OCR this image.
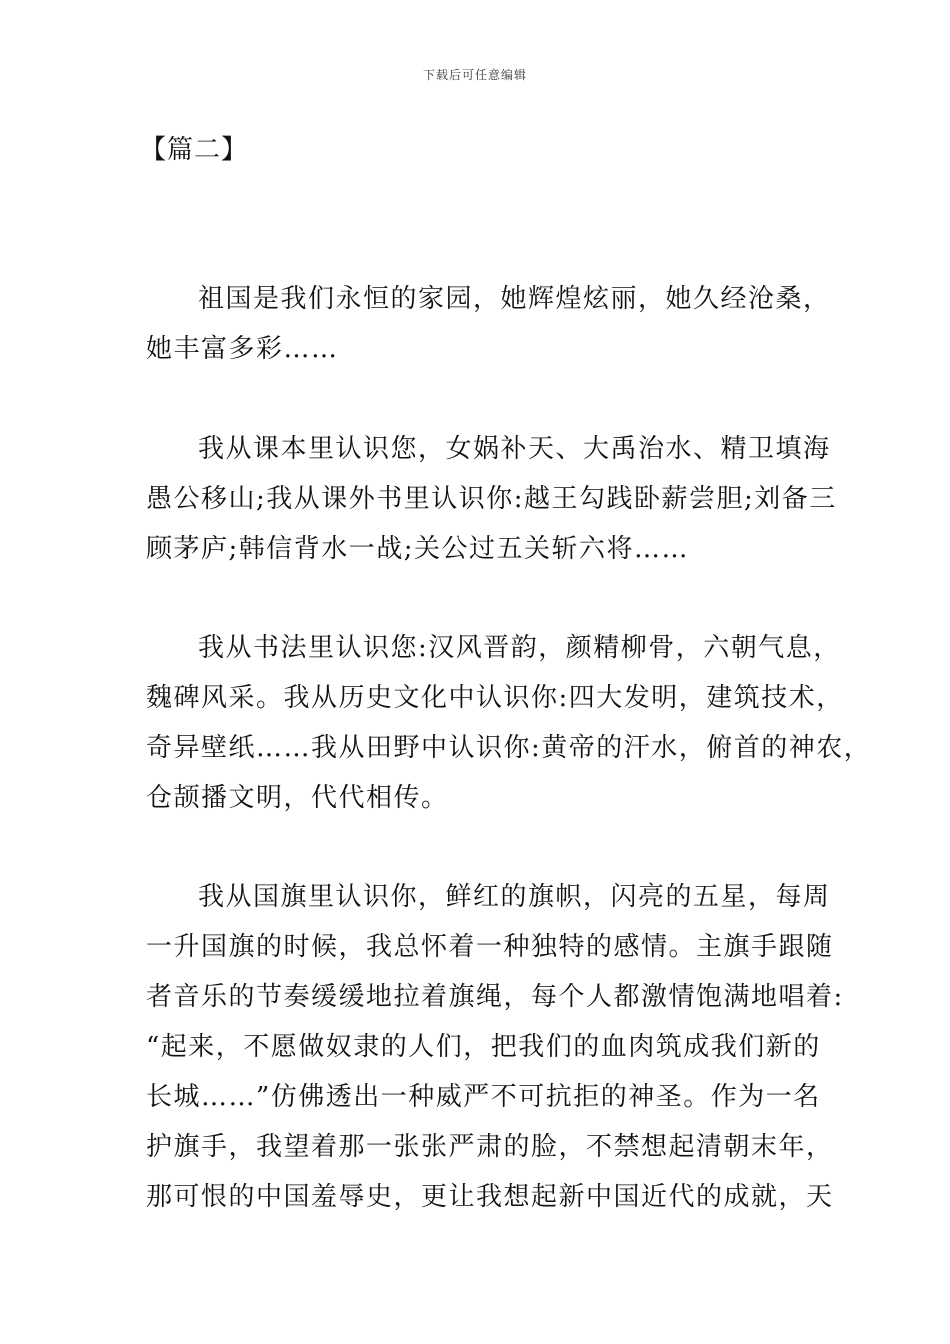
下载后可任意编辑
【篇二】
祖国是我们永恒的家园，她辉煌炫丽，她久经沧桑，
她丰富多彩……
我从课本里认识您，女娲补天、大禹治水、精卫填海
愚公移山;我从课外书里认识你:越王勾践卧薪尝胆;刘备三
顾茅庐;韩信背水一战;关公过五关斩六将……
我从书法里认识您:汉风晋韵，颜精柳骨，六朝气息，
魏碑风采。我从历史文化中认识你:四大发明，建筑技术，
奇异壁纸……我从田野中认识你:黄帝的汗水，俯首的神农，
仓颉播文明，代代相传。
我从国旗里认识你，鲜红的旗帜，闪亮的五星，每周
一升国旗的时候，我总怀着一种独特的感情。主旗手跟随
者音乐的节奏缓缓地拉着旗绳，每个人都激情饱满地唱着:
“起来，不愿做奴隶的人们，把我们的血肉筑成我们新的
长城……”仿佛透出一种威严不可抗拒的神圣。作为一名
护旗手，我望着那一张张严肃的脸，不禁想起清朝末年，
那可恨的中国羞辱史，更让我想起新中国近代的成就，天
